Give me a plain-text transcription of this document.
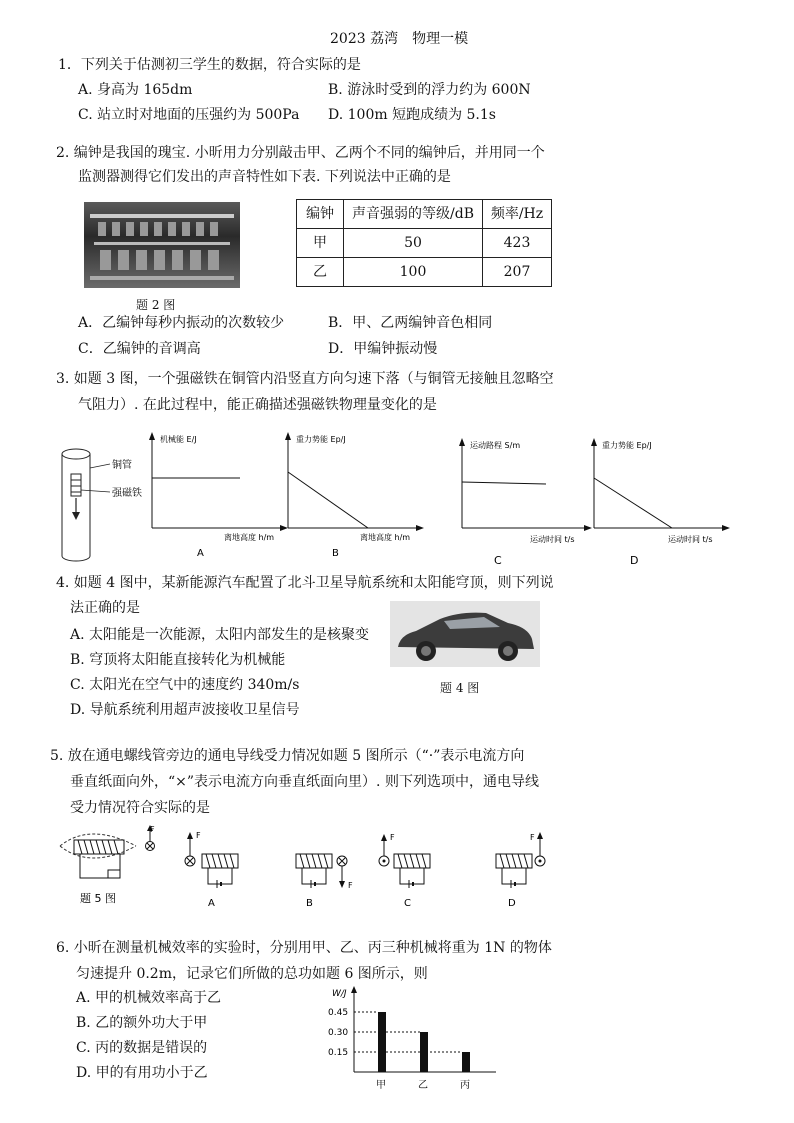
2023 荔湾　物理一模
1．下列关于估测初三学生的数据，符合实际的是
A. 身高为 165dm	B. 游泳时受到的浮力约为 600N
C. 站立时对地面的压强约为 500Pa D. 100m 短跑成绩为 5.1s
2. 编钟是我国的瑰宝. 小昕用力分别敲击甲、乙两个不同的编钟后，并用同一个
监测器测得它们发出的声音特性如下表. 下列说法中正确的是
题 2 图
编钟	声音强弱的等级/dB	频率/Hz
甲	50	423
乙	100	207
A．乙编钟每秒内振动的次数较少	B．甲、乙两编钟音色相同
C．乙编钟的音调高	D．甲编钟振动慢
3. 如题 3 图，一个强磁铁在铜管内沿竖直方向匀速下落（与铜管无接触且忽略空
气阻力）. 在此过程中，能正确描述强磁铁物理量变化的是
铜管
强磁铁
机械能 E/J
离地高度 h/m
A
重力势能 Ep/J
离地高度 h/m
B
运动路程 S/m
运动时间 t/s
C
重力势能 Ep/J
运动时间 t/s
D
4. 如题 4 图中，某新能源汽车配置了北斗卫星导航系统和太阳能穹顶，则下列说
法正确的是
A. 太阳能是一次能源，太阳内部发生的是核聚变
B. 穹顶将太阳能直接转化为机械能
C. 太阳光在空气中的速度约 340m/s
D. 导航系统利用超声波接收卫星信号
题 4 图
5. 放在通电螺线管旁边的通电导线受力情况如题 5 图所示（“·”表示电流方向
垂直纸面向外，“×”表示电流方向垂直纸面向里）. 则下列选项中，通电导线
受力情况符合实际的是
F
题 5 图
F
A
F
B
F
C
F
D
6. 小昕在测量机械效率的实验时，分别用甲、乙、丙三种机械将重为 1N 的物体
匀速提升 0.2m，记录它们所做的总功如题 6 图所示，则
A. 甲的机械效率高于乙
B. 乙的额外功大于甲
C. 丙的数据是错误的
D. 甲的有用功小于乙
W/J
0.45
甲
0.30
乙
0.15
丙
